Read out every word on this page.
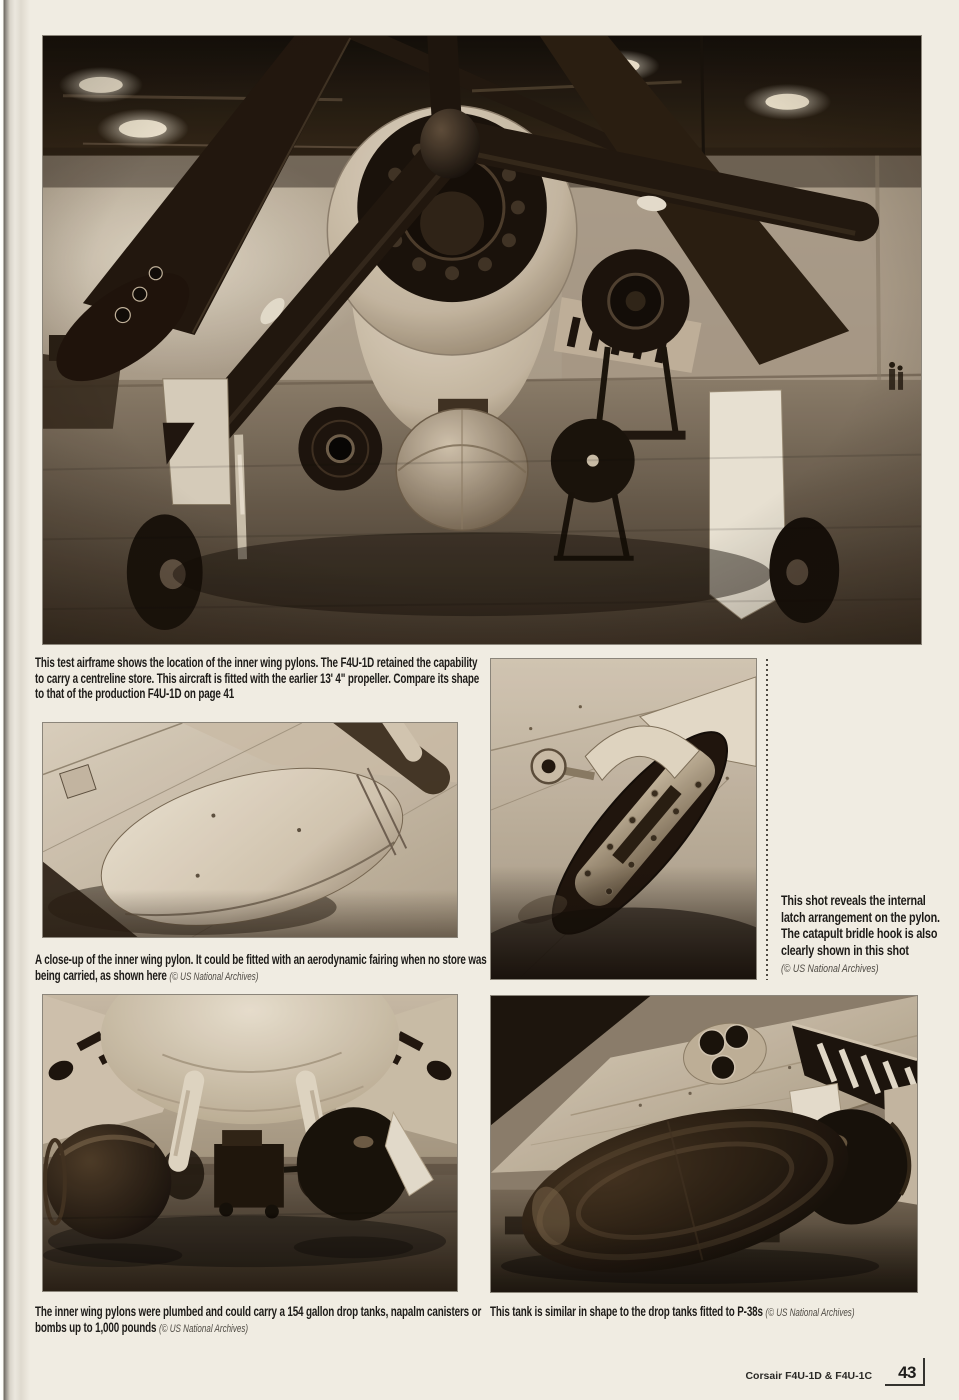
This test airframe shows the location of the inner wing pylons. The F4U-1D retained the capability to carry a centreline store. This aircraft is fitted with the earlier 13' 4" propeller. Compare its shape to that of the production F4U-1D on page 41
A close-up of the inner wing pylon. It could be fitted with an aerodynamic fairing when no store was being carried, as shown here (© US National Archives)
This shot reveals the internal latch arrangement on the pylon. The catapult bridle hook is also clearly shown in this shot
(© US National Archives)
The inner wing pylons were plumbed and could carry a 154 gallon drop tanks, napalm canisters or bombs up to 1,000 pounds (© US National Archives)
This tank is similar in shape to the drop tanks fitted to P-38s (© US National Archives)
Corsair F4U-1D & F4U-1C	43
